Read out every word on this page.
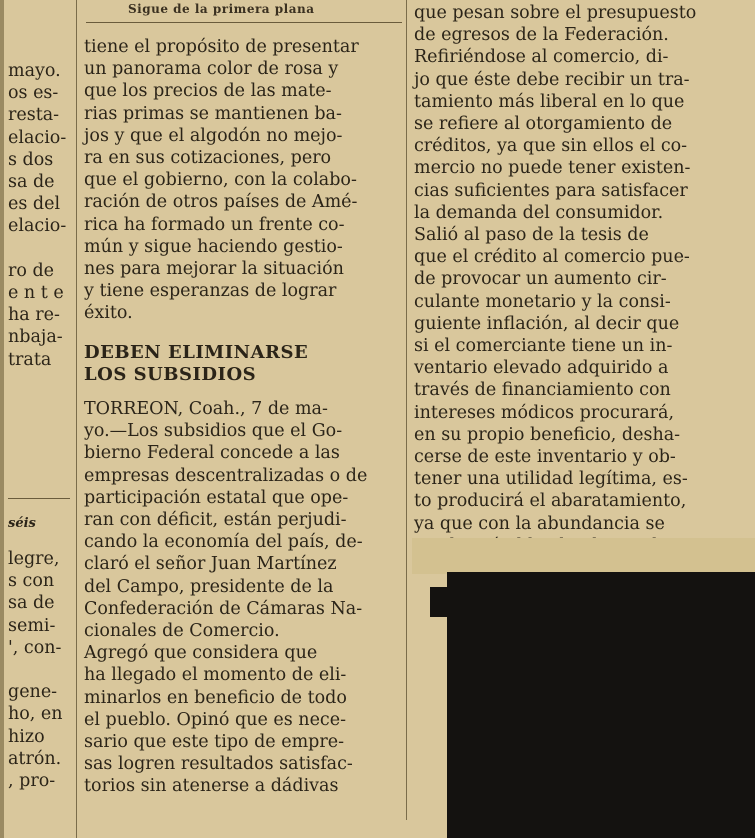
Sigue de la primera plana

mayo.

os es-

resta-

elacio-

s dos

sa de

es del

elacio-

ro de

e n t e

ha re-

nbaja-

trata

séis

legre,

s con

sa de

semi-

', con-

gene-

ho, en

hizo

atrón.

, pro-

tiene el propósito de presentar

un panorama color de rosa y

que los precios de las mate-

rias primas se mantienen ba-

jos y que el algodón no mejo-

ra en sus cotizaciones, pero

que el gobierno, con la colabo-

ración de otros países de Amé-

rica ha formado un frente co-

mún y sigue haciendo gestio-

nes para mejorar la situación

y tiene esperanzas de lograr

éxito.

DEBEN ELIMINARSE

LOS SUBSIDIOS

TORREON, Coah., 7 de ma-

yo.—Los subsidios que el Go-

bierno Federal concede a las

empresas descentralizadas o de

participación estatal que ope-

ran con déficit, están perjudi-

cando la economía del país, de-

claró el señor Juan Martínez

del Campo, presidente de la

Confederación de Cámaras Na-

cionales de Comercio.

Agregó que considera que

ha llegado el momento de eli-

minarlos en beneficio de todo

el pueblo. Opinó que es nece-

sario que este tipo de empre-

sas logren resultados satisfac-

torios sin atenerse a dádivas

que pesan sobre el presupuesto

de egresos de la Federación.

Refiriéndose al comercio, di-

jo que éste debe recibir un tra-

tamiento más liberal en lo que

se refiere al otorgamiento de

créditos, ya que sin ellos el co-

mercio no puede tener existen-

cias suficientes para satisfacer

la demanda del consumidor.

Salió al paso de la tesis de

que el crédito al comercio pue-

de provocar un aumento cir-

culante monetario y la consi-

guiente inflación, al decir que

si el comerciante tiene un in-

ventario elevado adquirido a

través de financiamiento con

intereses módicos procurará,

en su propio beneficio, desha-

cerse de este inventario y ob-

tener una utilidad legítima, es-

to producirá el abaratamiento,

ya que con la abundancia se
